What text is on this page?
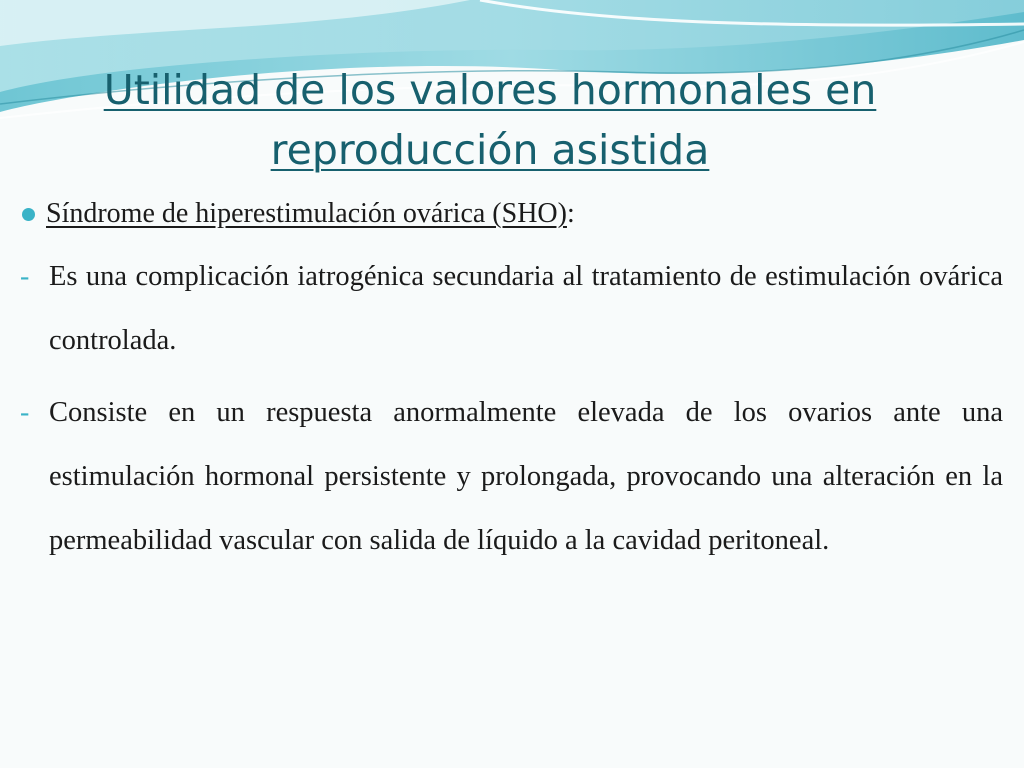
Utilidad de los valores hormonales en reproducción asistida
Síndrome de hiperestimulación ovárica (SHO):
- Es una complicación iatrogénica secundaria al tratamiento de estimulación ovárica controlada.

- Consiste en un respuesta anormalmente elevada de los ovarios ante una estimulación hormonal persistente y prolongada, provocando una alteración en la permeabilidad vascular con salida de líquido a la cavidad peritoneal.
